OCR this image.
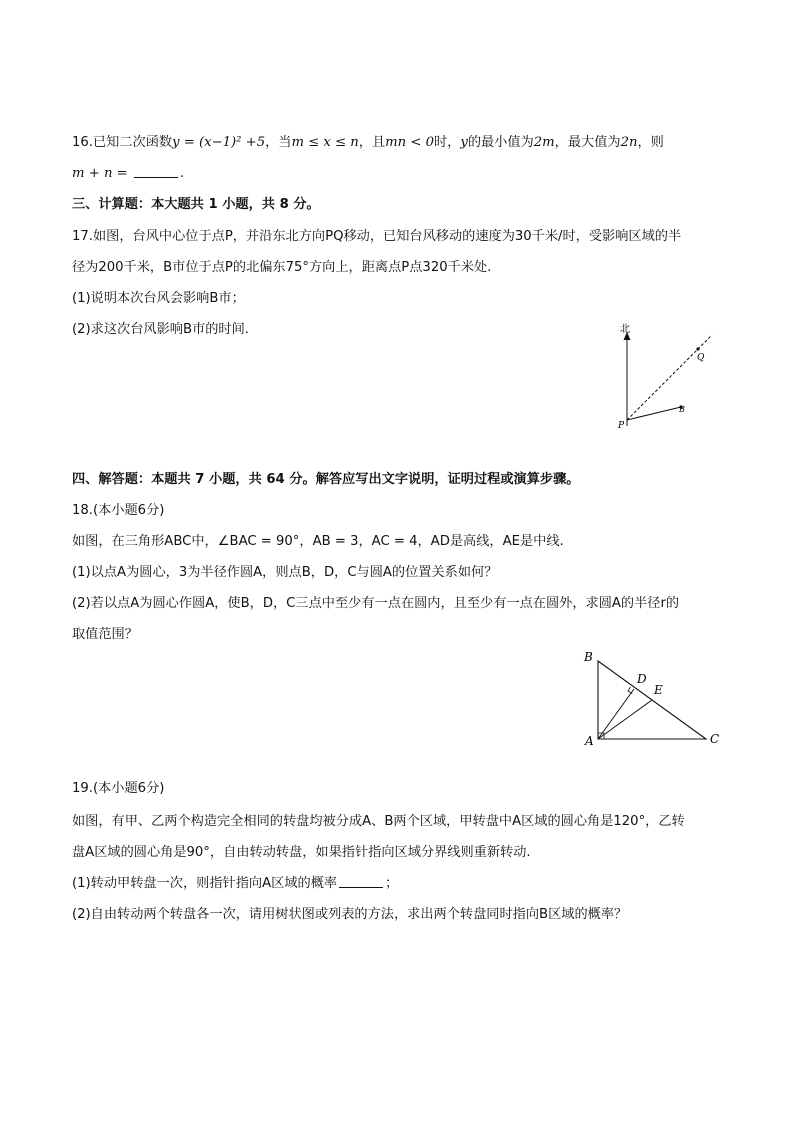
16.已知二次函数y = (x−1)² +5，当m ≤ x ≤ n，且mn < 0时，y的最小值为2m，最大值为2n，则
m + n =	.
三、计算题：本大题共 1 小题，共 8 分。
17.如图，台风中心位于点P，并沿东北方向PQ移动，已知台风移动的速度为30千米/时，受影响区域的半
径为200千米，B市位于点P的北偏东75°方向上，距离点P点320千米处.
(1)说明本次台风会影响B市；
(2)求这次台风影响B市的时间.	北
P
Q
B
四、解答题：本题共 7 小题，共 64 分。解答应写出文字说明，证明过程或演算步骤。
18.(本小题6分)
如图，在三角形ABC中，∠BAC = 90°，AB = 3，AC = 4，AD是高线，AE是中线.
(1)以点A为圆心，3为半径作圆A，则点B，D，C与圆A的位置关系如何？
(2)若以点A为圆心作圆A，使B，D，C三点中至少有一点在圆内，且至少有一点在圆外，求圆A的半径r的
取值范围？
B
D
E
A	C
19.(本小题6分)
如图，有甲、乙两个构造完全相同的转盘均被分成A、B两个区域，甲转盘中A区域的圆心角是120°，乙转
盘A区域的圆心角是90°，自由转动转盘，如果指针指向区域分界线则重新转动.
(1)转动甲转盘一次，则指针指向A区域的概率	；
(2)自由转动两个转盘各一次，请用树状图或列表的方法，求出两个转盘同时指向B区域的概率？
